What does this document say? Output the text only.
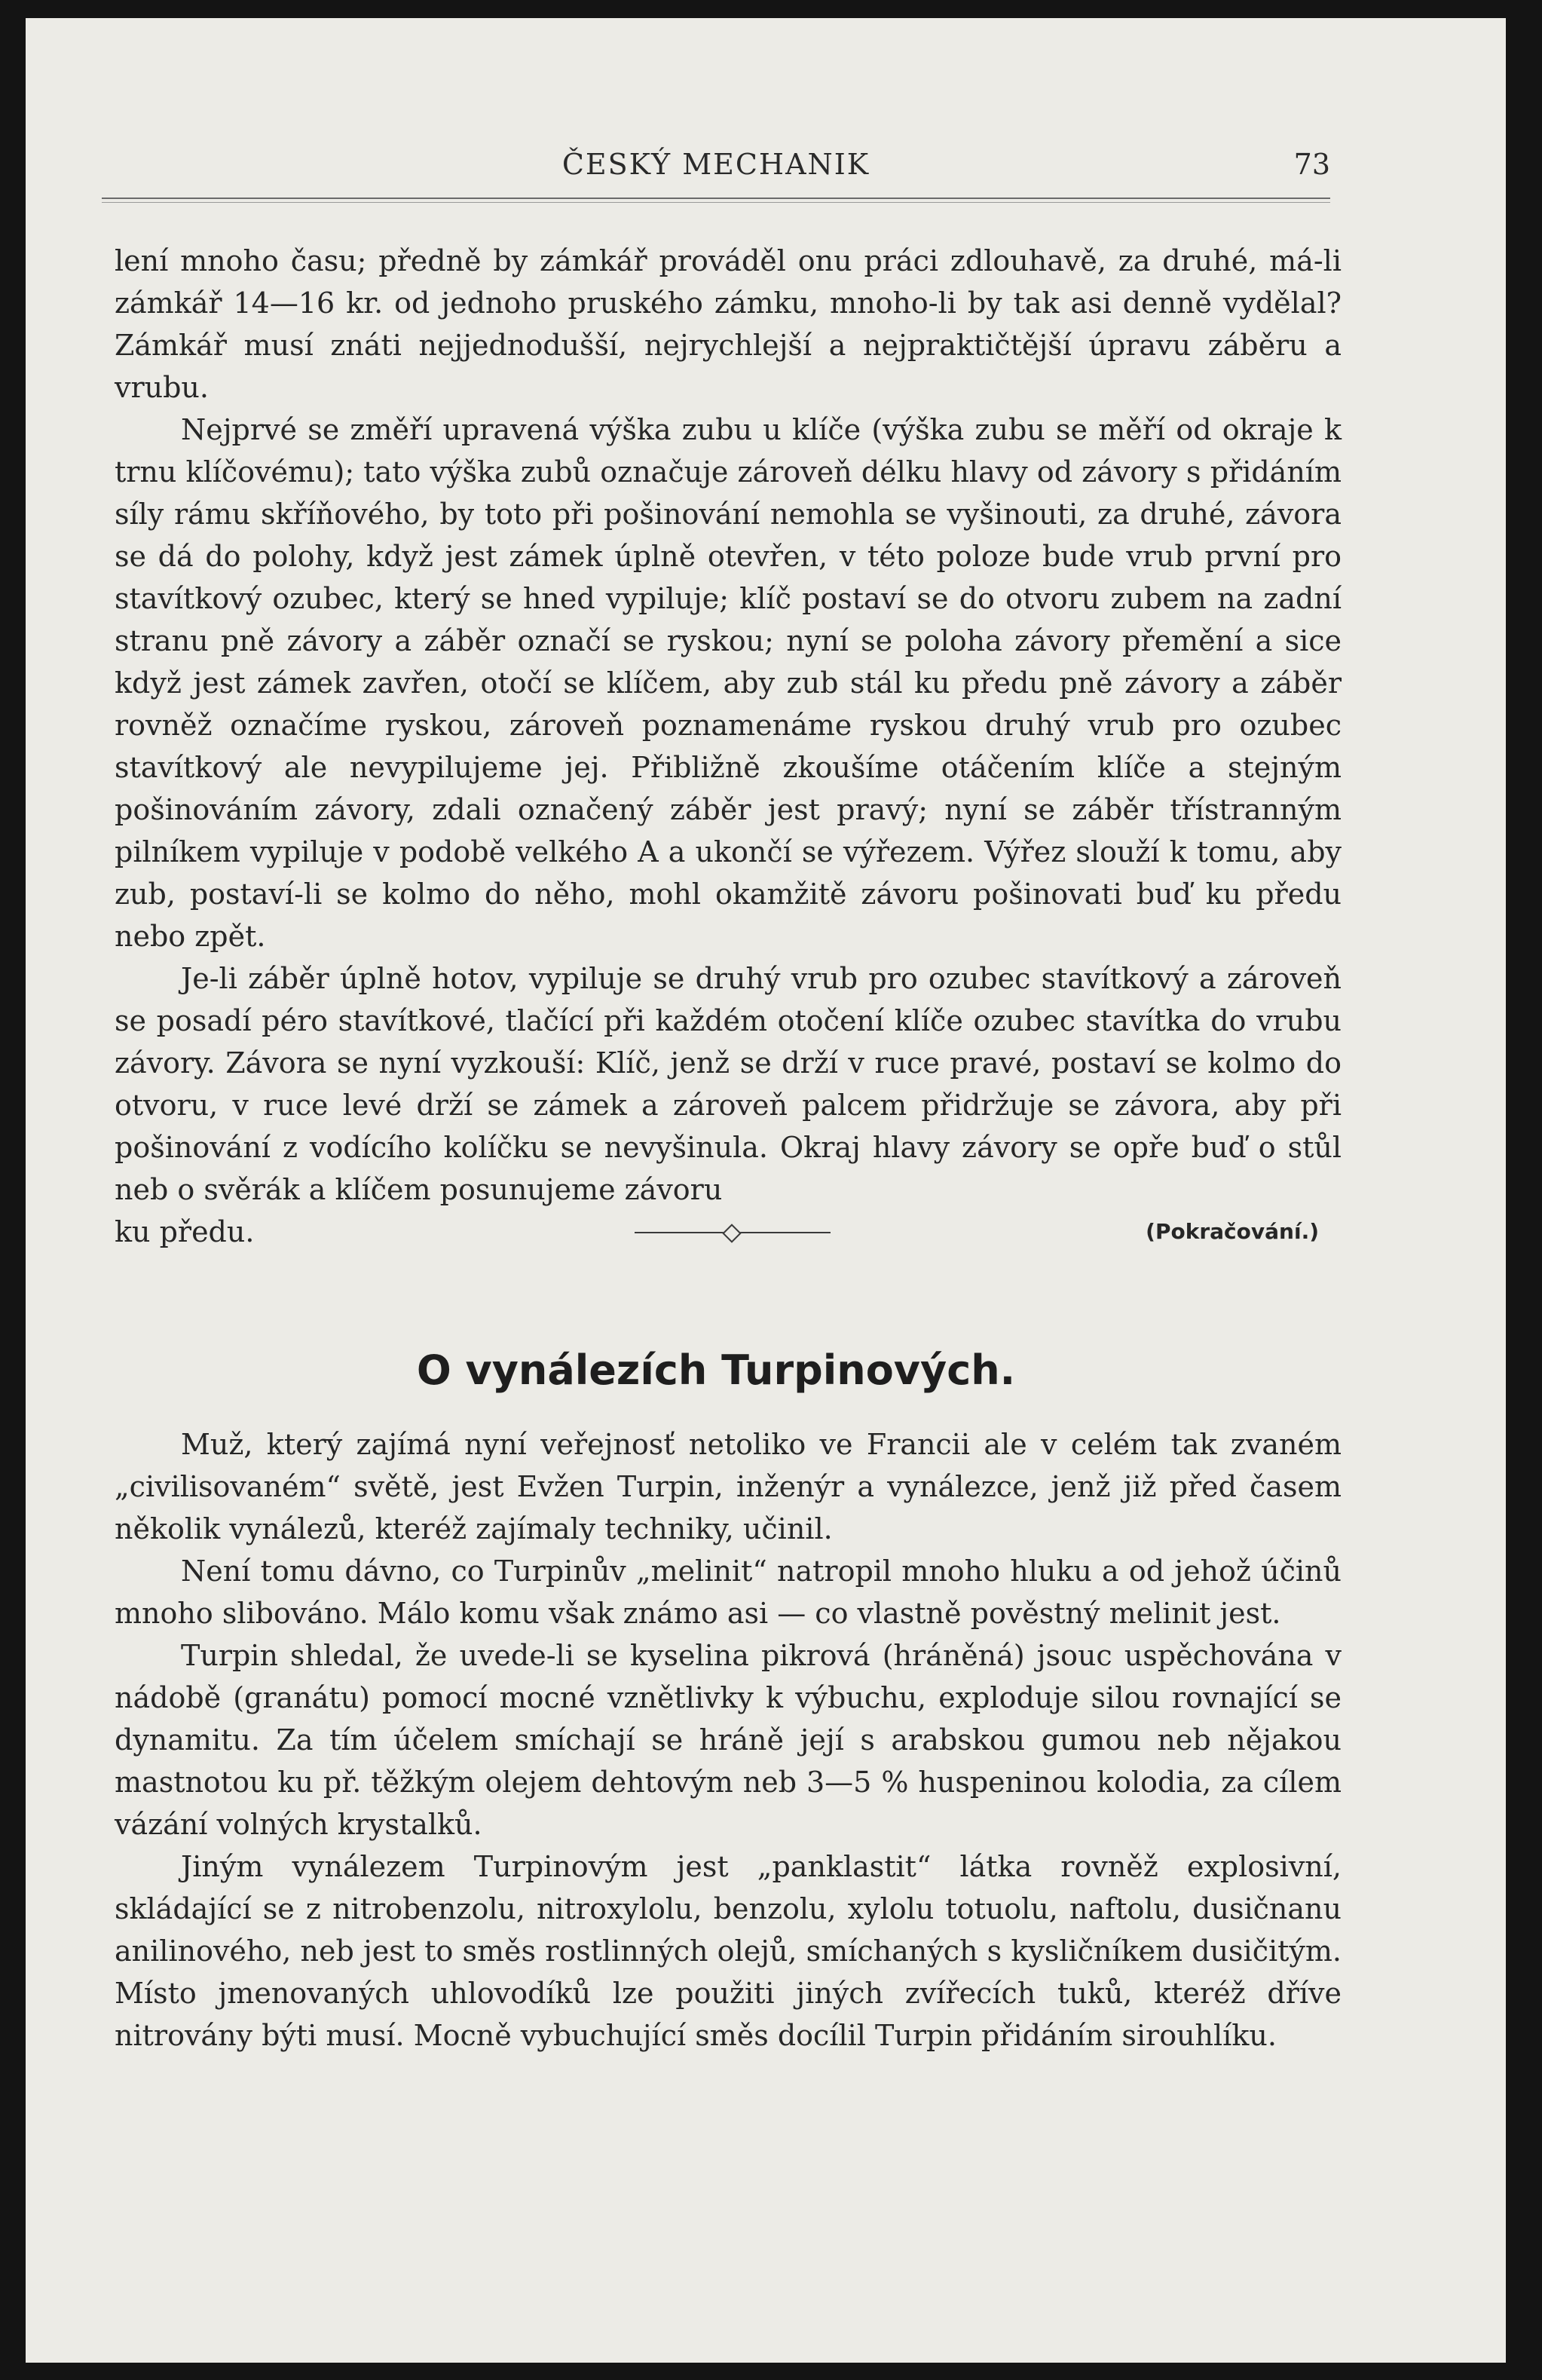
ČESKÝ MECHANIK	73

lení mnoho času; předně by zámkář prováděl onu práci zdlouhavě, za druhé, má-li zámkář 14—16 kr. od jednoho pruského zámku, mnoho-li by tak asi denně vydělal? Zámkář musí znáti nejjednodušší, nejrychlejší a nejpraktičtější úpravu záběru a vrubu.

Nejprvé se změří upravená výška zubu u klíče (výška zubu se měří od okraje k trnu klíčovému); tato výška zubů označuje zároveň délku hlavy od závory s přidáním síly rámu skříňového, by toto při pošinování nemohla se vyšinouti, za druhé, závora se dá do polohy, když jest zámek úplně otevřen, v této poloze bude vrub první pro stavítkový ozubec, který se hned vypiluje; klíč postaví se do otvoru zubem na zadní stranu pně závory a záběr označí se ryskou; nyní se poloha závory přemění a sice když jest zámek zavřen, otočí se klíčem, aby zub stál ku předu pně závory a záběr rovněž označíme ryskou, zároveň poznamenáme ryskou druhý vrub pro ozubec stavítkový ale nevypilujeme jej. Přibližně zkoušíme otáčením klíče a stejným pošinováním závory, zdali označený záběr jest pravý; nyní se záběr třístranným pilníkem vypiluje v podobě velkého A a ukončí se výřezem. Výřez slouží k tomu, aby zub, postaví-li se kolmo do něho, mohl okamžitě závoru pošinovati buď ku předu nebo zpět.

Je-li záběr úplně hotov, vypiluje se druhý vrub pro ozubec stavítkový a zároveň se posadí péro stavítkové, tlačící při každém otočení klíče ozubec stavítka do vrubu závory. Závora se nyní vyzkouší: Klíč, jenž se drží v ruce pravé, postaví se kolmo do otvoru, v ruce levé drží se zámek a zároveň palcem přidržuje se závora, aby při pošinování z vodícího kolíčku se nevyšinula. Okraj hlavy závory se opře buď o stůl neb o svěrák a klíčem posunujeme závoru

ku předu.	(Pokračování.)
O vynálezích Turpinových.

Muž, který zajímá nyní veřejnosť netoliko ve Francii ale v celém tak zvaném „civilisovaném“ světě, jest Evžen Turpin, inženýr a vynálezce, jenž již před časem několik vynálezů, kteréž zajímaly techniky, učinil.

Není tomu dávno, co Turpinův „melinit“ natropil mnoho hluku a od jehož účinů mnoho slibováno. Málo komu však známo asi — co vlastně pověstný melinit jest.

Turpin shledal, že uvede-li se kyselina pikrová (hráněná) jsouc uspěchována v nádobě (granátu) pomocí mocné vznětlivky k výbuchu, exploduje silou rovnající se dynamitu. Za tím účelem smíchají se hráně její s arabskou gumou neb nějakou mastnotou ku př. těžkým olejem dehtovým neb 3—5 % huspeninou kolodia, za cílem vázání volných krystalků.

Jiným vynálezem Turpinovým jest „panklastit“ látka rovněž explosivní, skládající se z nitrobenzolu, nitroxylolu, benzolu, xylolu totuolu, naftolu, dusičnanu anilinového, neb jest to směs rostlinných olejů, smíchaných s kysličníkem dusičitým. Místo jmenovaných uhlovodíků lze použiti jiných zvířecích tuků, kteréž dříve nitrovány býti musí. Mocně vybuchující směs docílil Turpin přidáním sirouhlíku.
